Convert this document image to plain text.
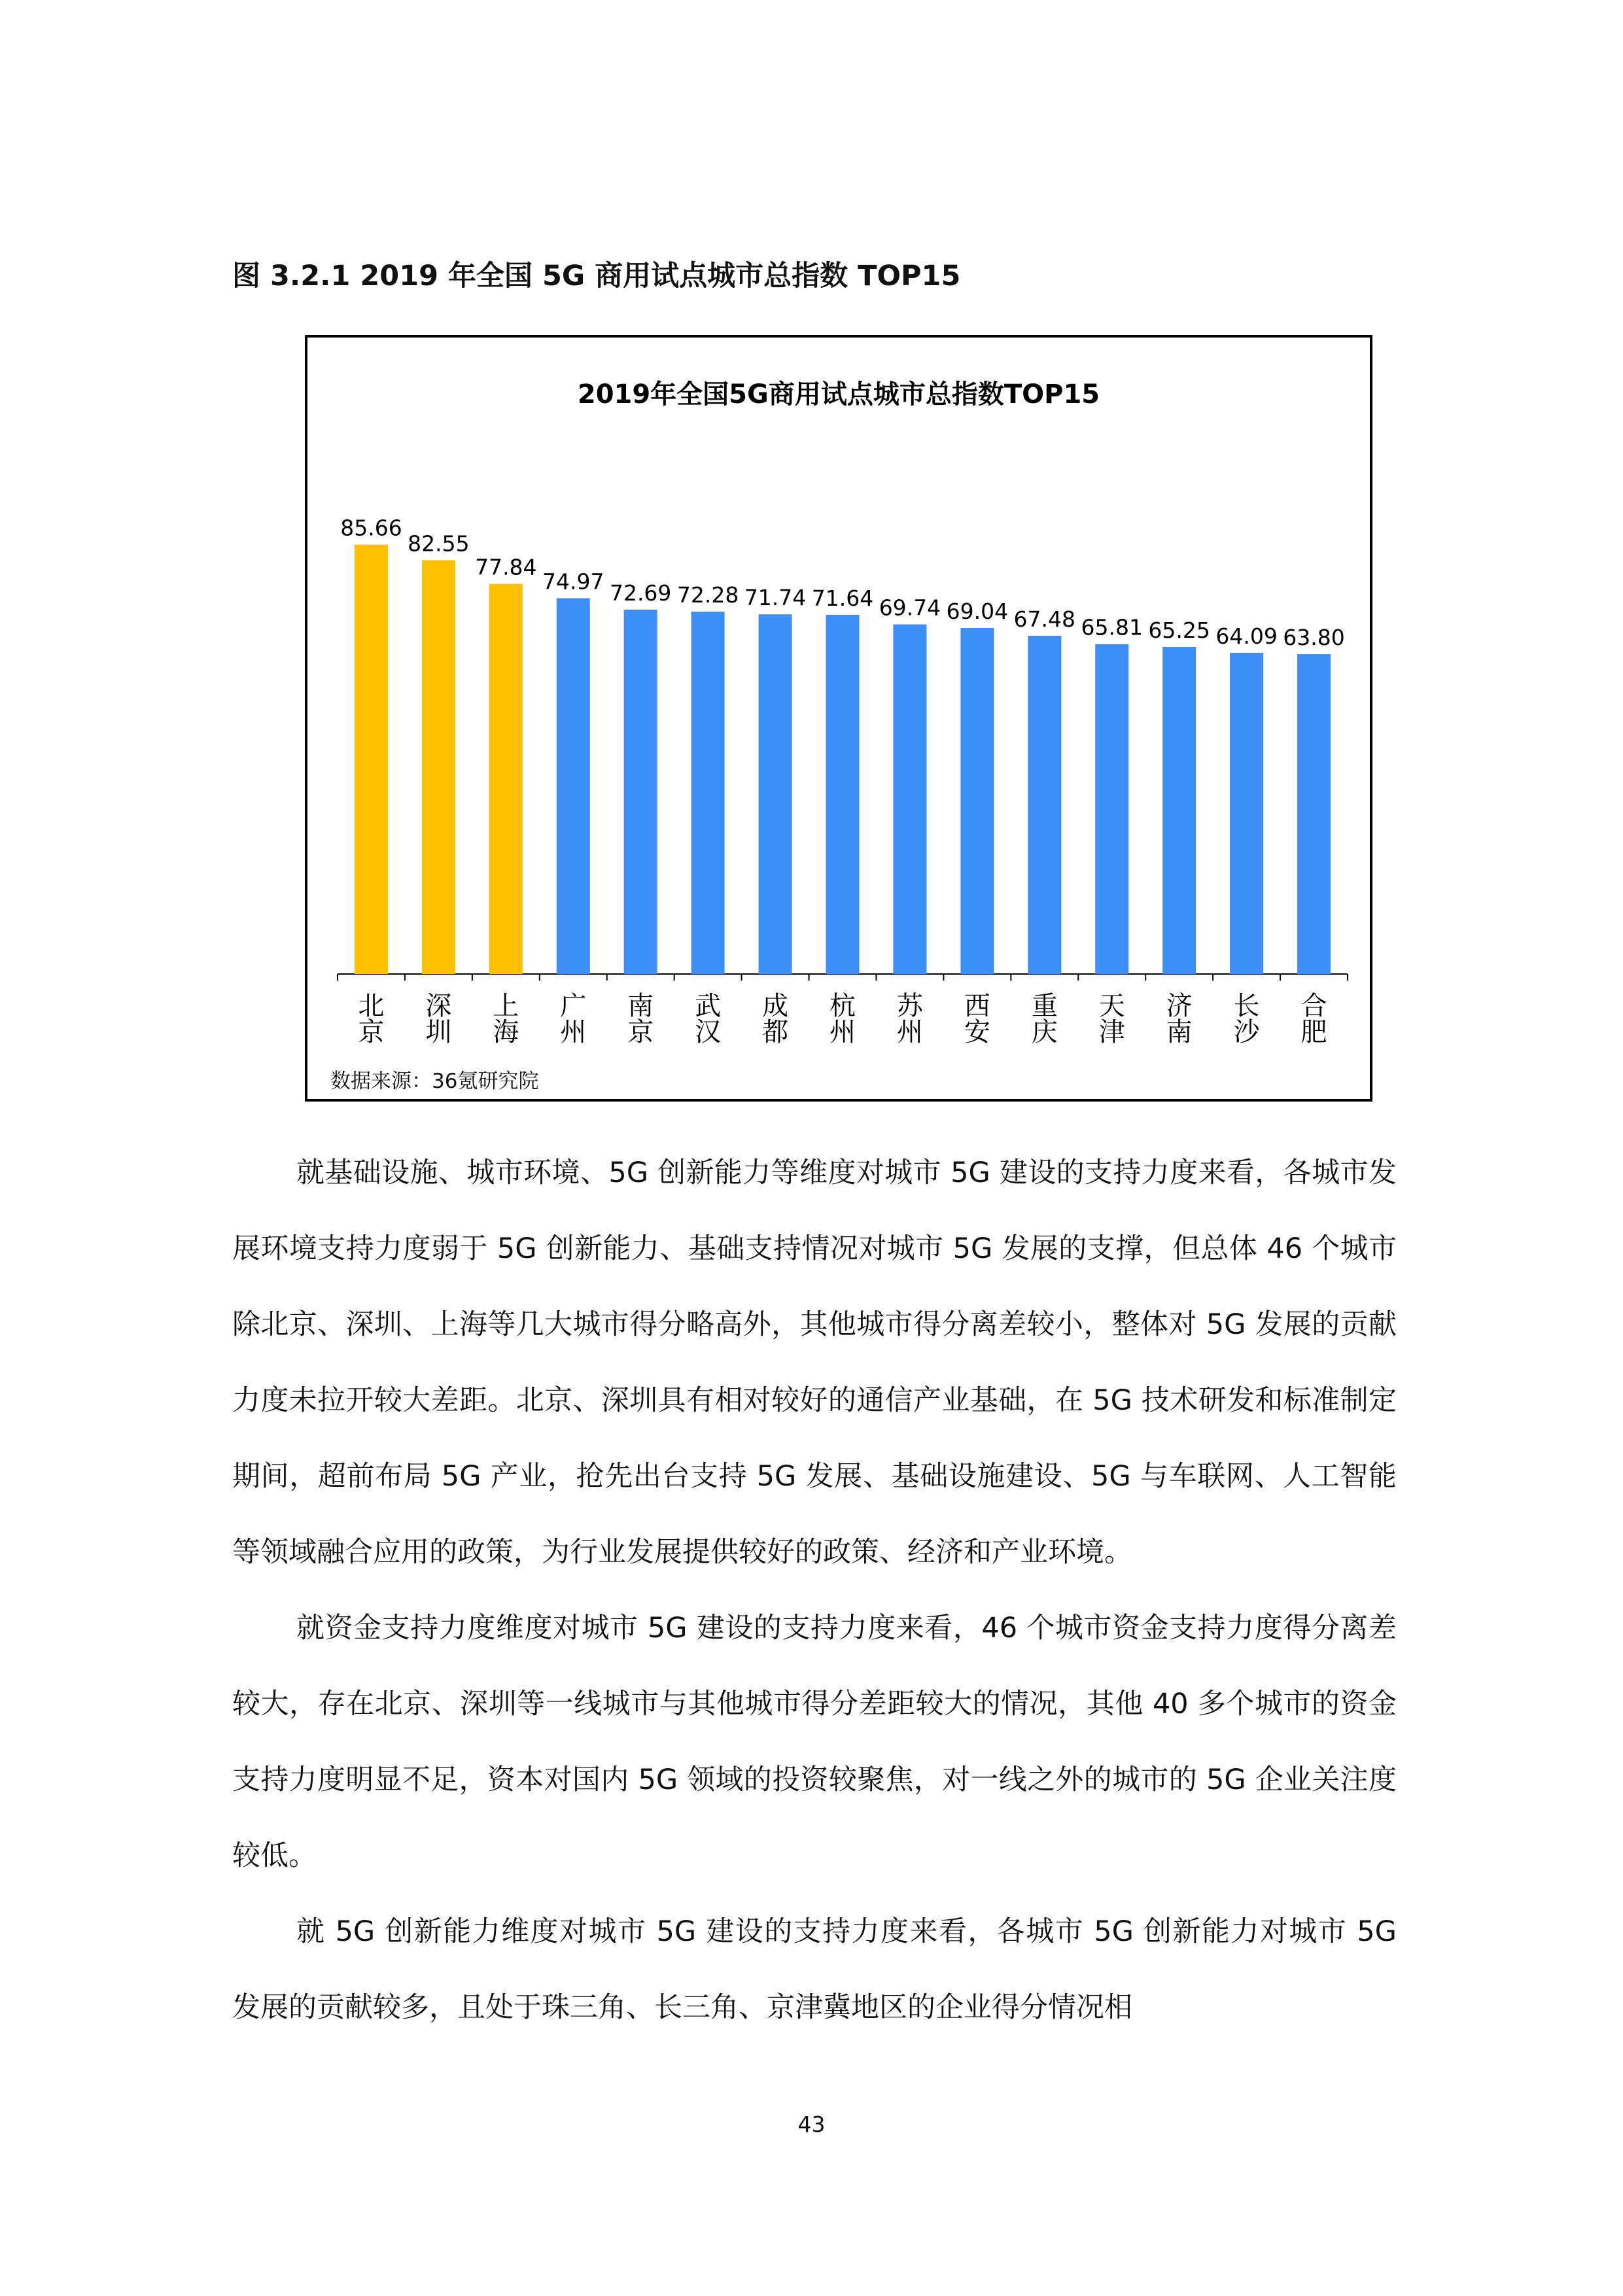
图 3.2.1 2019 年全国 5G 商用试点城市总指数 TOP15
2019年全国5G商用试点城市总指数TOP15
85.66
北京
82.55
深圳
77.84
上海
74.97
广州
72.69
南京
72.28
武汉
71.74
成都
71.64
杭州
69.74
苏州
69.04
西安
67.48
重庆
65.81
天津
65.25
济南
64.09
长沙
63.80
合肥
数据来源：36氪研究院

就基础设施、城市环境、5G 创新能力等维度对城市 5G 建设的支持力度来看，各城市发展环境支持力度弱于 5G 创新能力、基础支持情况对城市 5G 发展的支撑，但总体 46 个城市除北京、深圳、上海等几大城市得分略高外，其他城市得分离差较小，整体对 5G 发展的贡献力度未拉开较大差距。北京、深圳具有相对较好的通信产业基础，在 5G 技术研发和标准制定期间，超前布局 5G 产业，抢先出台支持 5G 发展、基础设施建设、5G 与车联网、人工智能等领域融合应用的政策，为行业发展提供较好的政策、经济和产业环境。

就资金支持力度维度对城市 5G 建设的支持力度来看，46 个城市资金支持力度得分离差较大，存在北京、深圳等一线城市与其他城市得分差距较大的情况，其他 40 多个城市的资金支持力度明显不足，资本对国内 5G 领域的投资较聚焦，对一线之外的城市的 5G 企业关注度较低。

就 5G 创新能力维度对城市 5G 建设的支持力度来看，各城市 5G 创新能力对城市 5G 发展的贡献较多，且处于珠三角、长三角、京津冀地区的企业得分情况相

43
